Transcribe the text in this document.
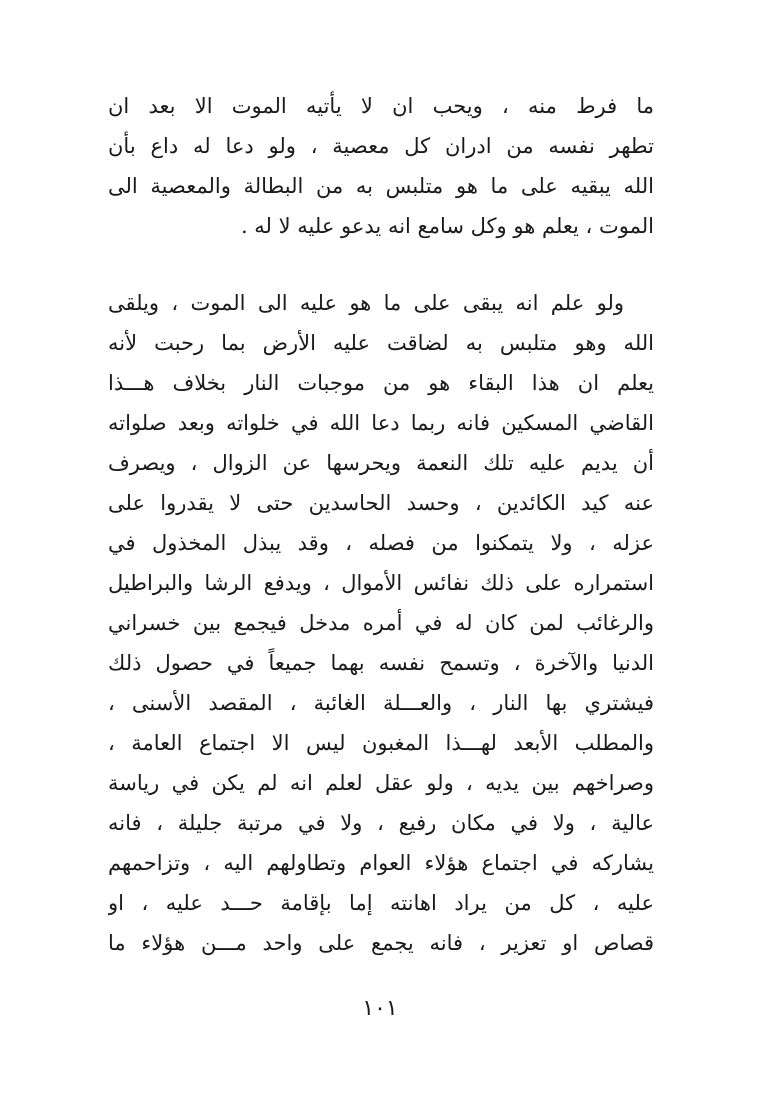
ما فرط منه ، ويحب ان لا يأتيه الموت الا بعد ان
تطهر نفسه من ادران كل معصية ، ولو دعا له داع بأن
الله يبقيه على ما هو متلبس به من البطالة والمعصية الى
الموت ، يعلم هو وكل سامع انه يدعو عليه لا له .
ولو علم انه يبقى على ما هو عليه الى الموت ، ويلقى
الله وهو متلبس به لضاقت عليه الأرض بما رحبت لأنه
يعلم ان هذا البقاء هو من موجبات النار بخلاف هـــذا
القاضي المسكين فانه ربما دعا الله في خلواته وبعد صلواته
أن يديم عليه تلك النعمة ويحرسها عن الزوال ، ويصرف
عنه كيد الكائدين ، وحسد الحاسدين حتى لا يقدروا على
عزله ، ولا يتمكنوا من فصله ، وقد يبذل المخذول في
استمراره على ذلك نفائس الأموال ، ويدفع الرشا والبراطيل
والرغائب لمن كان له في أمره مدخل فيجمع بين خسراني
الدنيا والآخرة ، وتسمح نفسه بهما جميعاً في حصول ذلك
فيشتري بها النار ، والعـــلة الغائبة ، المقصد الأسنى ،
والمطلب الأبعد لهـــذا المغبون ليس الا اجتماع العامة ،
وصراخهم بين يديه ، ولو عقل لعلم انه لم يكن في رياسة
عالية ، ولا في مكان رفيع ، ولا في مرتبة جليلة ، فانه
يشاركه في اجتماع هؤلاء العوام وتطاولهم اليه ، وتزاحمهم
عليه ، كل من يراد اهانته إما بإقامة حـــد عليه ، او
قصاص او تعزير ، فانه يجمع على واحد مـــن هؤلاء ما
١٠١
